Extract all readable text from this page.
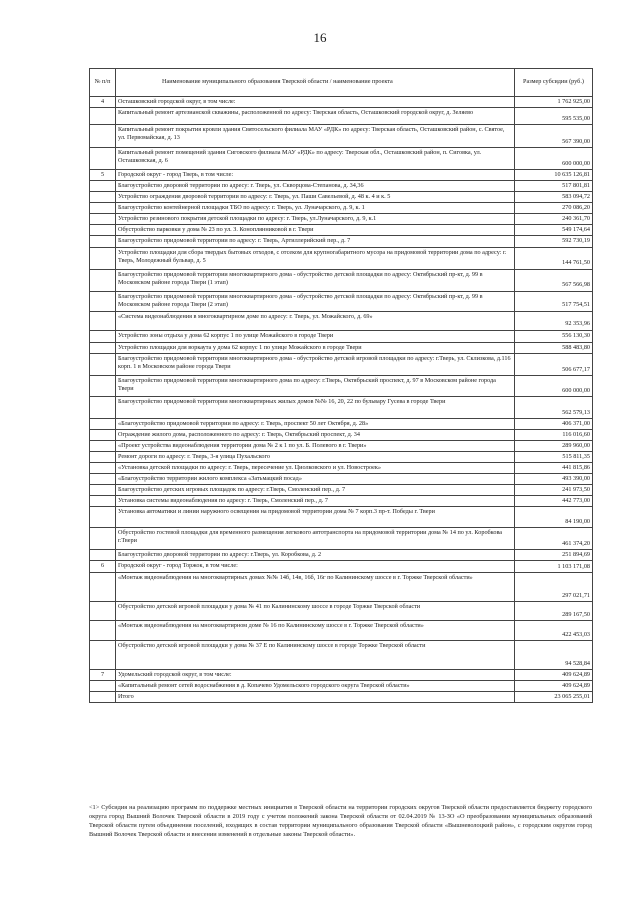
16
№ п/п	Наименование муниципального образования Тверской области / наименование проекта	Размер субсидии (руб.)
4	Осташковский городской округ, в том числе:	1 762 925,00
	Капитальный ремонт артезианской скважины, расположенной по адресу: Тверская область, Осташковский городской округ, д. Зеляево	595 535,00
	Капитальный ремонт покрытия кровли здания Святосельского филиала МАУ «РДК» по адресу: Тверская область, Осташковский район, с. Святое, ул. Первомайская, д. 13	567 390,00
	Капитальный ремонт помещений здания Сиговского филиала МАУ «РДК» по адресу: Тверская обл., Осташковский район, п. Сиговка, ул. Осташковская, д. 6	600 000,00
5	Городской округ - город Тверь, в том числе:	10 635 126,81
	Благоустройство дворовой территории по адресу: г. Тверь, ул. Скворцова-Степанова, д. 34,36	517 801,81
	Устройство ограждения дворовой территории по адресу: г. Тверь, ул. Паши Савельевой, д. 48 к. 4 и к. 5	583 094,72
	Благоустройство контейнерной площадки ТБО по адресу: г. Тверь, ул. Луначарского, д. 9, к. 1	270 086,20
	Устройство резинового покрытия детской площадки по адресу: г. Тверь, ул.Луначарского, д. 9, к.1	240 361,70
	Обустройство парковки у дома № 23 по ул. З. Коноплянниковой в г. Твери	549 174,64
	Благоустройство придомовой территории по адресу: г. Тверь, Артиллерийский пер., д. 7	592 730,19
	Устройство площадки для сбора твердых бытовых отходов, с отсеком для крупногабаритного мусора на придомовой территории дома по адресу: г. Тверь, Молодежный бульвар, д. 5	144 761,50
	Благоустройство придомовой территории многоквартирного дома - обустройство детской площадки по адресу: Октябрьский пр-кт, д. 99 в Московском районе города Твери (1 этап)	567 566,98
	Благоустройство придомовой территории многоквартирного дома - обустройство детской площадки по адресу: Октябрьский пр-кт, д. 99 в Московском районе города Твери (2 этап)	517 754,51
	«Система видеонаблюдения в многоквартирном доме по адресу: г. Тверь, ул. Можайского, д. 69»	92 353,96
	Устройство зоны отдыха у дома 62 корпус 1 по улице Можайского в городе Твери	556 130,30
	Устройство площадки для воркаута у дома 62 корпус 1 по улице Можайского в городе Твери	588 483,80
	Благоустройство придомовой территории многоквартирного дома - обустройство детской игровой площадки по адресу: г.Тверь, ул. Склизкова, д.116 корп. 1 в Московском районе города Твери	506 677,17
	Благоустройство придомовой территории многоквартирного дома по адресу: г.Тверь, Октябрьский проспект, д. 97 в Московском районе города Твери	600 000,00
	Благоустройство придомовой территории многоквартирных жилых домов №№ 16, 20, 22 по бульвару Гусева в городе Твери	562 579,13
	«Благоустройство придомовой территории по адресу: г. Тверь, проспект 50 лет Октября, д. 28»	406 371,00
	Ограждение жилого дома, расположенного по адресу: г. Тверь, Октябрьский проспект, д. 34	116 016,60
	«Проект устройства видеонаблюдения территории дома № 2 к 1 по ул. Б. Полевого в г. Твери»	289 960,00
	Ремонт дороги по адресу: г. Тверь, 3-я улица Пухальского	515 811,35
	«Установка детской площадки по адресу: г. Тверь, пересечение ул. Циолковского и ул. Новостроек»	441 815,86
	«Благоустройство территории жилого комплекса «Затьмацкий посад»	493 390,00
	Благоустройство детских игровых площадок по адресу: г.Тверь, Смоленский пер., д. 7	241 973,50
	Установка системы видеонаблюдения по адресу: г. Тверь, Смоленский пер., д. 7	442 773,00
	Установка автоматики и линии наружного освещения на придомовой территории дома № 7 корп.3 пр-т. Победы г. Твери	84 190,00
	Обустройство гостевой площадки для временного размещения легкового автотранспорта на придомовой территории дома № 14 по ул. Коробкова г.Твери	461 374,20
	Благоустройство дворовой территории по адресу: г.Тверь, ул. Коробкова, д. 2	251 894,69
6	Городской округ - город Торжок, в том числе:	1 103 171,08
	«Монтаж видеонаблюдения на многоквартирных домах №№ 14б, 14в, 16б, 16г по Калининскому шоссе в г. Торжке Тверской области»	297 021,71
	Обустройство детской игровой площадки у дома № 41 по Калининскому шоссе в городе Торжке Тверской области	289 167,50
	«Монтаж видеонаблюдения на многоквартирном доме № 16 по Калининскому шоссе в г. Торжке Тверской области»	422 453,03
	Обустройство детской игровой площадки у дома № 37 Е по Калининскому шоссе в городе Торжке Тверской области	94 528,84
7	Удомельский городской округ, в том числе:	409 624,89
	«Капитальный ремонт сетей водоснабжения в д. Копачево Удомельского городского округа Тверской области»	409 624,89
	Итого	23 065 255,01
<1> Субсидия на реализацию программ по поддержке местных инициатив в Тверской области на территории городских округов Тверской области предоставляется бюджету городского округа город Вышний Волочек Тверской области в 2019 году с учетом положений закона Тверской области от 02.04.2019 № 13-ЗО «О преобразовании муниципальных образований Тверской области путем объединения поселений, входящих в состав территории муниципального образования Тверской области «Вышневолоцкий район», с городским округом город Вышний Волочек Тверской области и внесении изменений в отдельные законы Тверской области».
